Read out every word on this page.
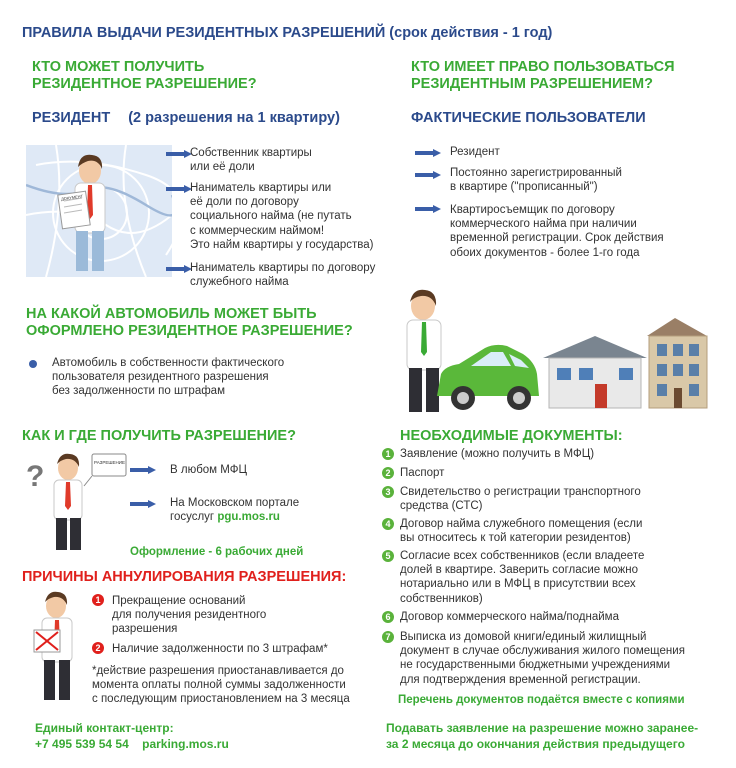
ПРАВИЛА ВЫДАЧИ РЕЗИДЕНТНЫХ РАЗРЕШЕНИЙ (срок действия - 1 год)
КТО МОЖЕТ ПОЛУЧИТЬ
РЕЗИДЕНТНОЕ РАЗРЕШЕНИЕ?
РЕЗИДЕНТ (2 разрешения на 1 квартиру)
ДОКУМЕНТ
Собственник квартиры
или её доли
Наниматель квартиры или
её доли по договору
социального найма (не путать
с коммерческим наймом!
Это найм квартиры у государства)
Наниматель квартиры по договору
служебного найма
КТО ИМЕЕТ ПРАВО ПОЛЬЗОВАТЬСЯ
РЕЗИДЕНТНЫМ РАЗРЕШЕНИЕМ?
ФАКТИЧЕСКИЕ ПОЛЬЗОВАТЕЛИ
Резидент
Постоянно зарегистрированный
в квартире ("прописанный")
Квартиросъемщик по договору
коммерческого найма при наличии
временной регистрации. Срок действия
обоих документов - более 1-го года
НА КАКОЙ АВТОМОБИЛЬ МОЖЕТ БЫТЬ
ОФОРМЛЕНО РЕЗИДЕНТНОЕ РАЗРЕШЕНИЕ?
Автомобиль в собственности фактического
пользователя резидентного разрешения
без задолженности по штрафам
КАК И ГДЕ ПОЛУЧИТЬ РАЗРЕШЕНИЕ?
?	РАЗРЕШЕНИЕ
В любом МФЦ
На Московском портале
госуслуг pgu.mos.ru
Оформление - 6 рабочих дней
ПРИЧИНЫ АННУЛИРОВАНИЯ РАЗРЕШЕНИЯ:
1	Прекращение оснований
для получения резидентного
разрешения
2	Наличие задолженности по 3 штрафам*
*действие разрешения приостанавливается до
момента оплаты полной суммы задолженности
с последующим приостановлением на 3 месяца
НЕОБХОДИМЫЕ ДОКУМЕНТЫ:
1 Заявление (можно получить в МФЦ)
2 Паспорт
3 Свидетельство о регистрации транспортного
средства (СТС)
4 Договор найма служебного помещения (если
вы относитесь к той категории резидентов)
5 Согласие всех собственников (если владеете
долей в квартире. Заверить согласие можно
нотариально или в МФЦ в присутствии всех
собственников)
6 Договор коммерческого найма/поднайма
7 Выписка из домовой книги/единый жилищный
документ в случае обслуживания жилого помещения
не государственными бюджетными учреждениями
для подтверждения временной регистрации.
Перечень документов подаётся вместе с копиями
Единый контакт-центр:
+7 495 539 54 54 parking.mos.ru
Подавать заявление на разрешение можно заранее-
за 2 месяца до окончания действия предыдущего
